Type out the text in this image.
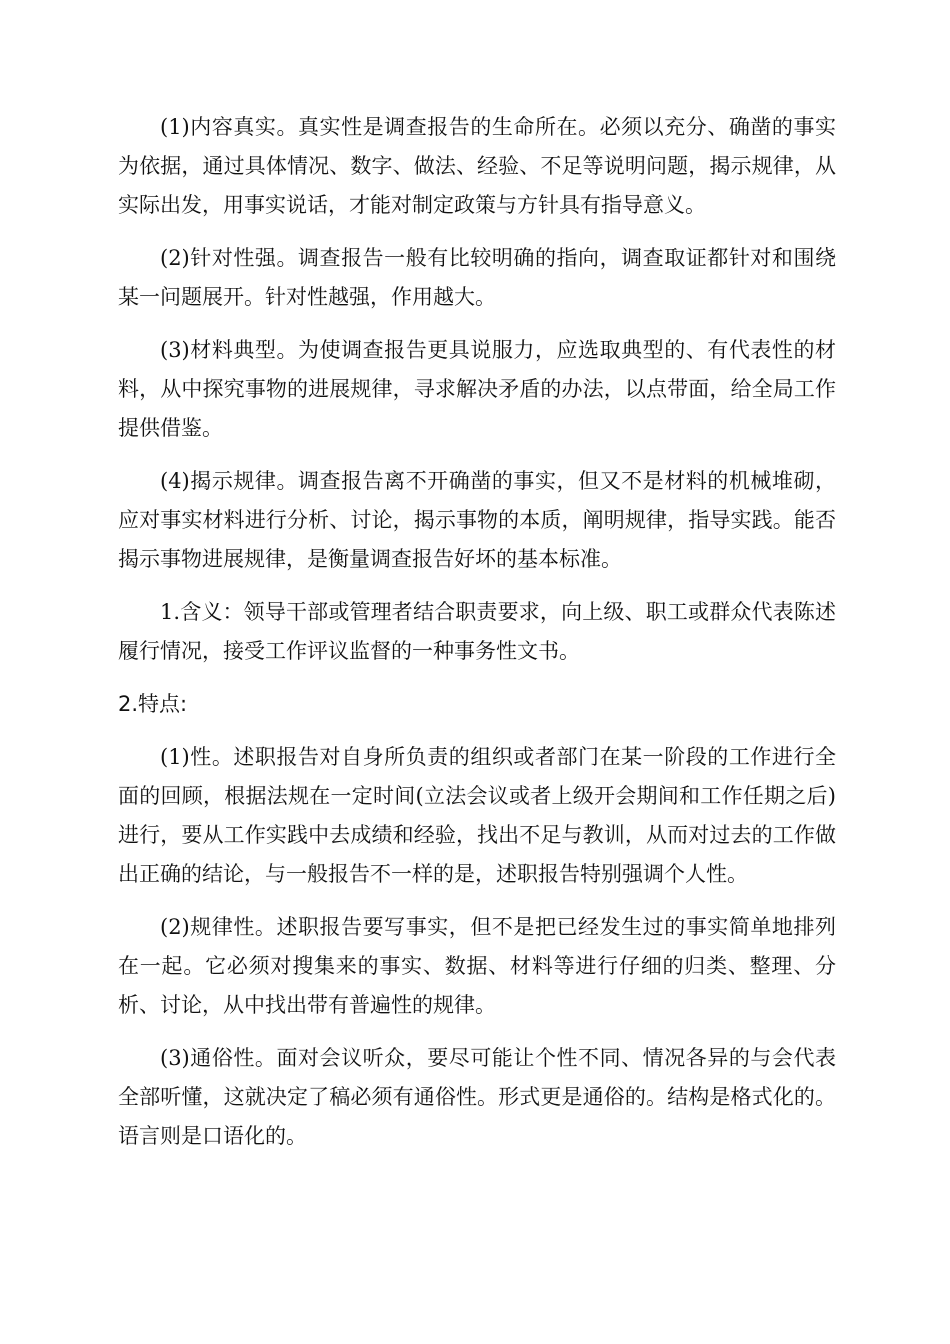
(1)内容真实。真实性是调查报告的生命所在。必须以充分、确凿的事实为依据，通过具体情况、数字、做法、经验、不足等说明问题，揭示规律，从实际出发，用事实说话，才能对制定政策与方针具有指导意义。

(2)针对性强。调查报告一般有比较明确的指向，调查取证都针对和围绕某一问题展开。针对性越强，作用越大。

(3)材料典型。为使调查报告更具说服力，应选取典型的、有代表性的材料，从中探究事物的进展规律，寻求解决矛盾的办法，以点带面，给全局工作提供借鉴。

(4)揭示规律。调查报告离不开确凿的事实，但又不是材料的机械堆砌，应对事实材料进行分析、讨论，揭示事物的本质，阐明规律，指导实践。能否揭示事物进展规律，是衡量调查报告好坏的基本标准。

1.含义：领导干部或管理者结合职责要求，向上级、职工或群众代表陈述履行情况，接受工作评议监督的一种事务性文书。

2.特点:

(1)性。述职报告对自身所负责的组织或者部门在某一阶段的工作进行全面的回顾，根据法规在一定时间(立法会议或者上级开会期间和工作任期之后)进行，要从工作实践中去成绩和经验，找出不足与教训，从而对过去的工作做出正确的结论，与一般报告不一样的是，述职报告特别强调个人性。

(2)规律性。述职报告要写事实，但不是把已经发生过的事实简单地排列在一起。它必须对搜集来的事实、数据、材料等进行仔细的归类、整理、分析、讨论，从中找出带有普遍性的规律。

(3)通俗性。面对会议听众，要尽可能让个性不同、情况各异的与会代表全部听懂，这就决定了稿必须有通俗性。形式更是通俗的。结构是格式化的。语言则是口语化的。
